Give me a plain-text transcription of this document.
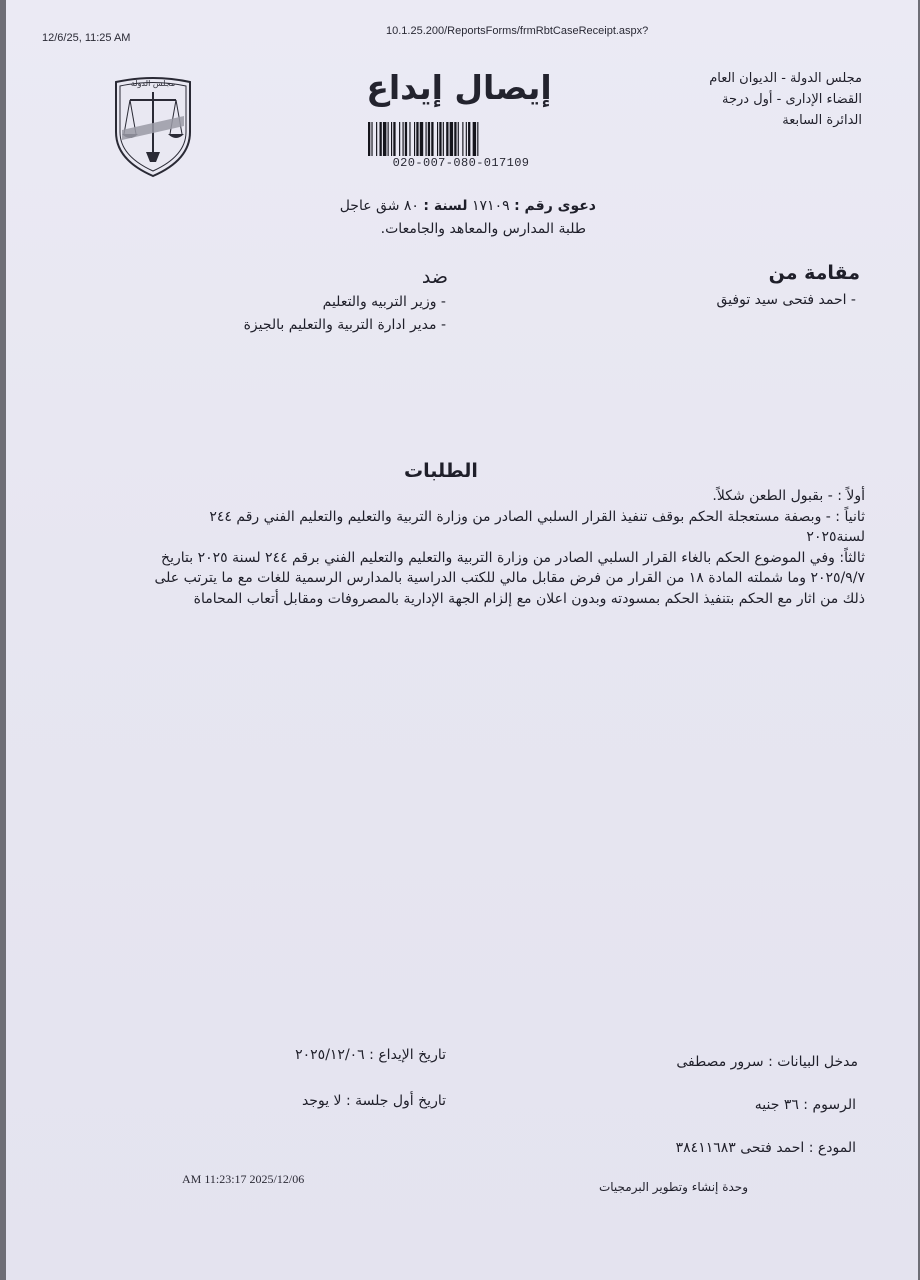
12/6/25, 11:25 AM
10.1.25.200/ReportsForms/frmRbtCaseReceipt.aspx?
مجلس الدولة - الديوان العام
القضاء الإدارى - أول درجة
الدائرة السابعة
مجلس الدولة	إيصال إيداع
020-007-080-017109
دعوى رقم : ١٧١٠٩ لسنة : ٨٠ شق عاجل
طلبة المدارس والمعاهد والجامعات.
مقامة من
- احمد فتحى سيد توفيق
ضد
- وزير التربيه والتعليم
- مدير ادارة التربية والتعليم بالجيزة
الطلبات
أولاً : - بقبول الطعن شكلاً.
ثانياً : - وبصفة مستعجلة الحكم بوقف تنفيذ القرار السلبي الصادر من وزارة التربية والتعليم والتعليم الفني رقم ٢٤٤
لسنة٢٠٢٥
ثالثاً: وفي الموضوع الحكم بالغاء القرار السلبي الصادر من وزارة التربية والتعليم والتعليم الفني برقم ٢٤٤ لسنة ٢٠٢٥ بتاريخ
٢٠٢٥/٩/٧ وما شملته المادة ١٨ من القرار من فرض مقابل مالي للكتب الدراسية بالمدارس الرسمية للغات مع ما يترتب على
ذلك من اثار مع الحكم بتنفيذ الحكم بمسودته وبدون اعلان مع إلزام الجهة الإدارية بالمصروفات ومقابل أتعاب المحاماة
مدخل البيانات : سرور مصطفى
الرسوم : ٣٦ جنيه
المودع : احمد فتحى ٣٨٤١١٦٨٣
وحدة إنشاء وتطوير البرمجيات
تاريخ الإيداع : ٢٠٢٥/١٢/٠٦
تاريخ أول جلسة : لا يوجد
AM 11:23:17 2025/12/06
